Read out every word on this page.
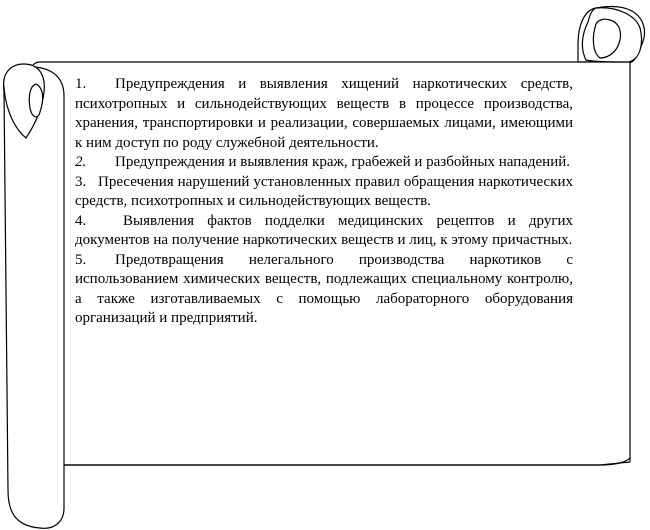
1. Предупреждения и выявления хищений наркотических средств, психотропных и сильнодействующих веществ в процессе производства, хранения, транспортировки и реализации, совершаемых лицами, имеющими к ним доступ по роду служебной деятельности.

2. Предупреждения и выявления краж, грабежей и разбойных нападений.

3. Пресечения нарушений установленных правил обращения наркотических средств, психотропных и сильнодействующих веществ.

4. Выявления фактов подделки медицинских рецептов и других документов на получение наркотических веществ и лиц, к этому причастных.

5. Предотвращения нелегального производства наркотиков с использованием химических веществ, подлежащих специальному контролю, а также изготавливаемых с помощью лабораторного оборудования организаций и предприятий.
